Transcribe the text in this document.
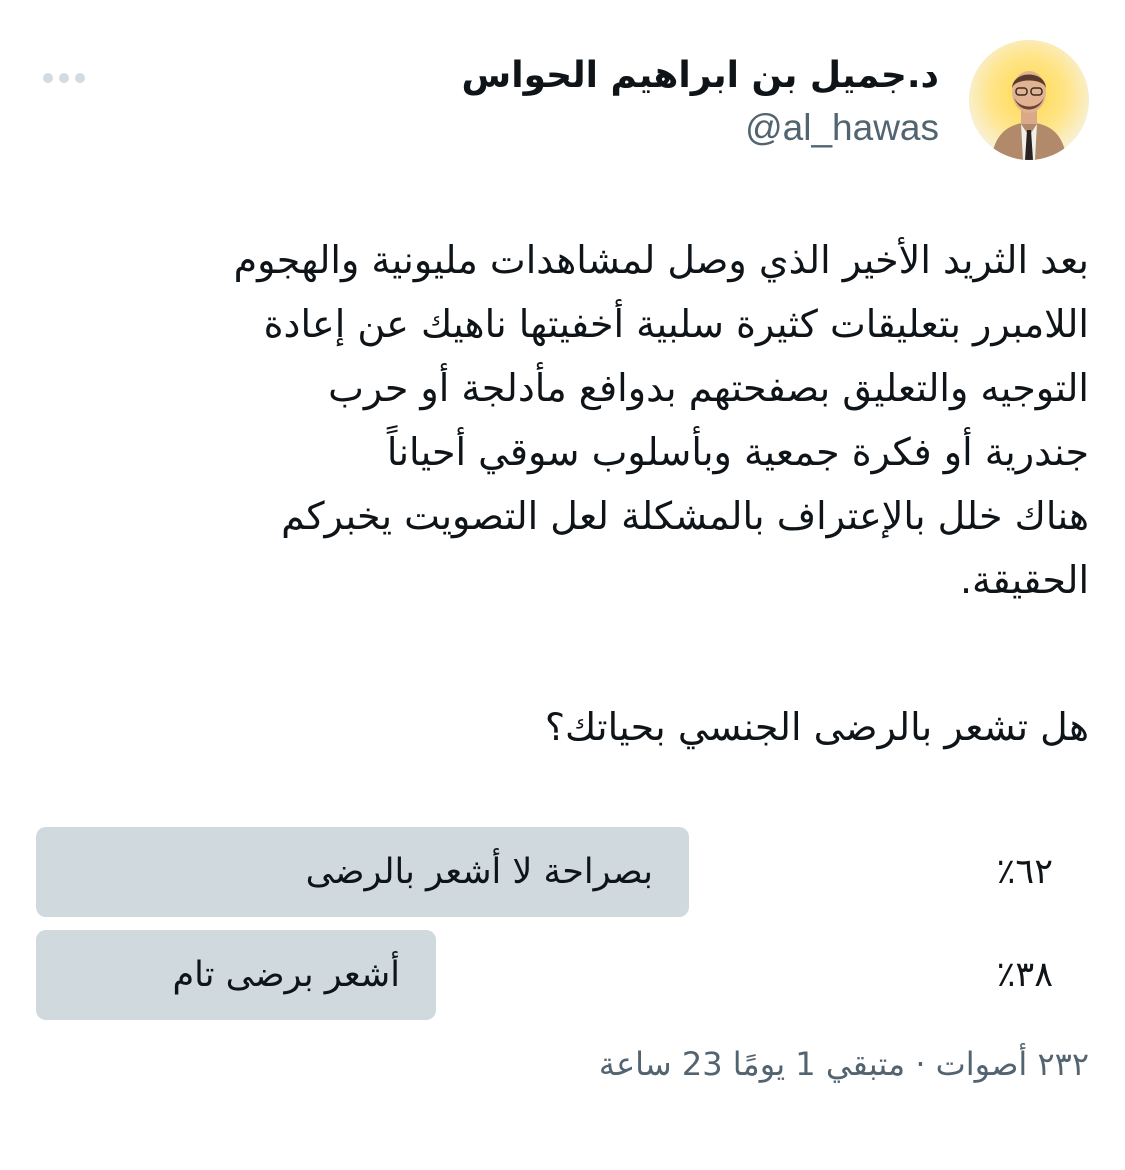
د.جميل بن ابراهيم الحواس
@al_hawas
بعد الثريد الأخير الذي وصل لمشاهدات مليونية والهجوم
اللامبرر بتعليقات كثيرة سلبية أخفيتها ناهيك عن إعادة
التوجيه والتعليق بصفحتهم بدوافع مأدلجة أو حرب
جندرية أو فكرة جمعية وبأسلوب سوقي أحياناً
هناك خلل بالإعتراف بالمشكلة لعل التصويت يخبركم
الحقيقة.
هل تشعر بالرضى الجنسي بحياتك؟
بصراحة لا أشعر بالرضى	٦٢٪
أشعر برضى تام	٣٨٪
٢٣٢ أصوات · متبقي 1 يومًا 23 ساعة
